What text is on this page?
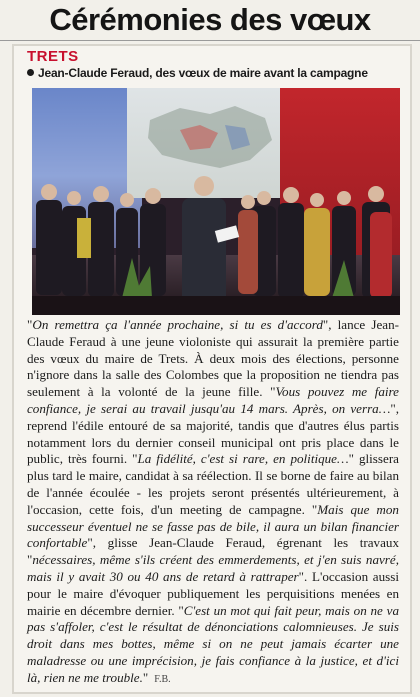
Cérémonies des vœux
TRETS
Jean-Claude Feraud, des vœux de maire avant la campagne

"On remettra ça l'année prochaine, si tu es d'accord", lance Jean-Claude Feraud à une jeune violoniste qui assurait la première partie des vœux du maire de Trets. À deux mois des élections, personne n'ignore dans la salle des Colombes que la proposition ne tiendra pas seulement à la volonté de la jeune fille. "Vous pouvez me faire confiance, je serai au travail jusqu'au 14 mars. Après, on verra…", reprend l'édile entouré de sa majorité, tandis que d'autres élus partis notamment lors du dernier conseil municipal ont pris place dans le public, très fourni. "La fidélité, c'est si rare, en politique…" glissera plus tard le maire, candidat à sa réélection. Il se borne de faire au bilan de l'année écoulée - les projets seront présentés ultérieurement, à l'occasion, cette fois, d'un meeting de campagne. "Mais que mon successeur éventuel ne se fasse pas de bile, il aura un bilan financier confortable", glisse Jean-Claude Feraud, égrenant les travaux "nécessaires, même s'ils créent des emmerdements, et j'en suis navré, mais il y avait 30 ou 40 ans de retard à rattraper". L'occasion aussi pour le maire d'évoquer publiquement les perquisitions menées en mairie en décembre dernier. "C'est un mot qui fait peur, mais on ne va pas s'affoler, c'est le résultat de dénonciations calomnieuses. Je suis droit dans mes bottes, même si on ne peut jamais écarter une maladresse ou une imprécision, je fais confiance à la justice, et d'ici là, rien ne me trouble." F.B.
